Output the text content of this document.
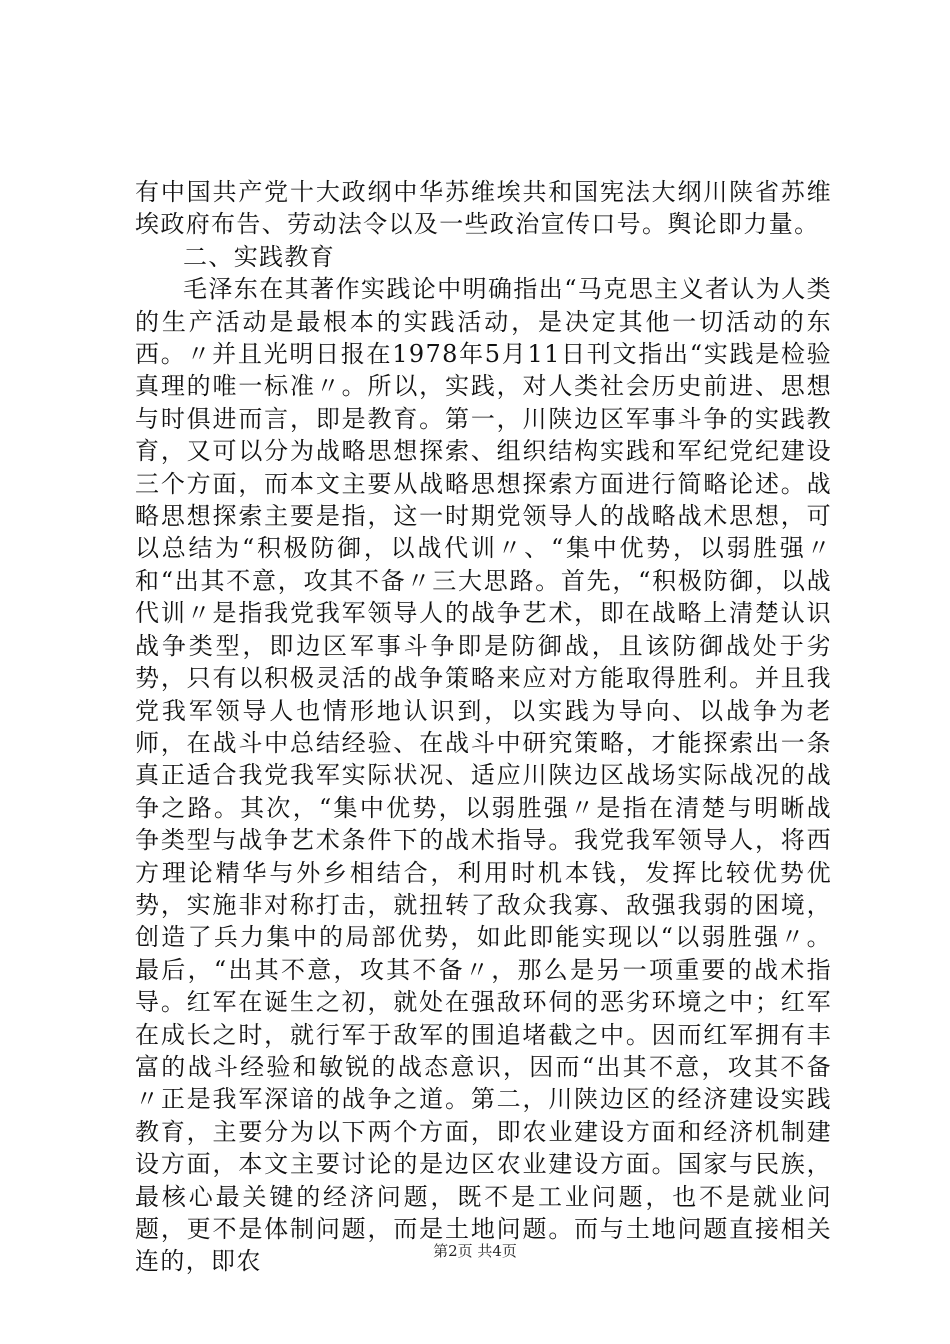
有中国共产党十大政纲中华苏维埃共和国宪法大纲川陕省苏维埃政府布告、劳动法令以及一些政治宣传口号。舆论即力量。

二、实践教育

毛泽东在其著作实践论中明确指出“马克思主义者认为人类的生产活动是最根本的实践活动，是决定其他一切活动的东西。〃并且光明日报在1978年5月11日刊文指出“实践是检验真理的唯一标准〃。所以，实践，对人类社会历史前进、思想与时俱进而言，即是教育。第一，川陕边区军事斗争的实践教育，又可以分为战略思想探索、组织结构实践和军纪党纪建设三个方面，而本文主要从战略思想探索方面进行简略论述。战略思想探索主要是指，这一时期党领导人的战略战术思想，可以总结为“积极防御，以战代训〃、“集中优势，以弱胜强〃和“出其不意，攻其不备〃三大思路。首先，“积极防御，以战代训〃是指我党我军领导人的战争艺术，即在战略上清楚认识战争类型，即边区军事斗争即是防御战，且该防御战处于劣势，只有以积极灵活的战争策略来应对方能取得胜利。并且我党我军领导人也情形地认识到，以实践为导向、以战争为老师，在战斗中总结经验、在战斗中研究策略，才能探索出一条真正适合我党我军实际状况、适应川陕边区战场实际战况的战争之路。其次，“集中优势，以弱胜强〃是指在清楚与明晰战争类型与战争艺术条件下的战术指导。我党我军领导人，将西方理论精华与外乡相结合，利用时机本钱，发挥比较优势优势，实施非对称打击，就扭转了敌众我寡、敌强我弱的困境，创造了兵力集中的局部优势，如此即能实现以“以弱胜强〃。最后，“出其不意，攻其不备〃，那么是另一项重要的战术指导。红军在诞生之初，就处在强敌环伺的恶劣环境之中；红军在成长之时，就行军于敌军的围追堵截之中。因而红军拥有丰富的战斗经验和敏锐的战态意识，因而“出其不意，攻其不备〃正是我军深谙的战争之道。第二，川陕边区的经济建设实践教育，主要分为以下两个方面，即农业建设方面和经济机制建设方面，本文主要讨论的是边区农业建设方面。国家与民族，最核心最关键的经济问题，既不是工业问题，也不是就业问题，更不是体制问题，而是土地问题。而与土地问题直接相关连的，即农	第2页 共4页
